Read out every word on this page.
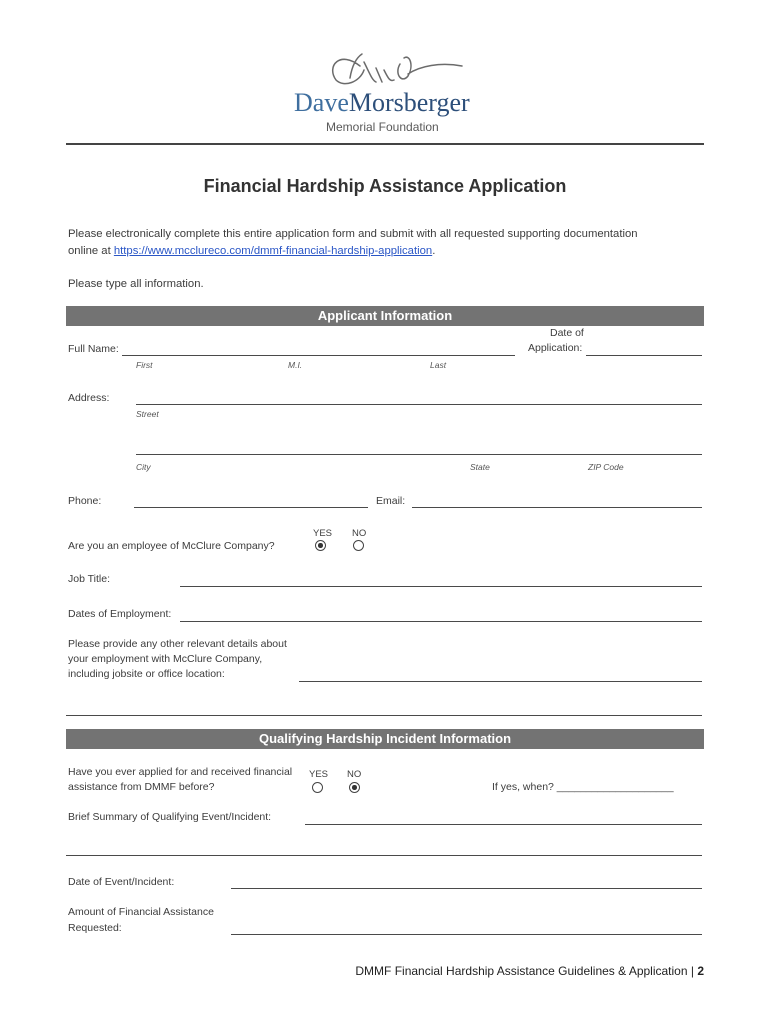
DaveMorsberger
Memorial Foundation
Financial Hardship Assistance Application
Please electronically complete this entire application form and submit with all requested supporting documentation
online at https://www.mcclureco.com/dmmf-financial-hardship-application.
Please type all information.
Applicant Information
Full Name:
First	M.I.	Last
Date of
Application:
Address:
Street
City	State	ZIP Code
Phone:	Email:
YES NO
Are you an employee of McClure Company?
Job Title:
Dates of Employment:
Please provide any other relevant details about
your employment with McClure Company,
including jobsite or office location:
Qualifying Hardship Incident Information
Have you ever applied for and received financial
assistance from DMMF before?
YES NO
If yes, when? ____________________
Brief Summary of Qualifying Event/Incident:
Date of Event/Incident:
Amount of Financial Assistance
Requested:
DMMF Financial Hardship Assistance Guidelines & Application | 2
